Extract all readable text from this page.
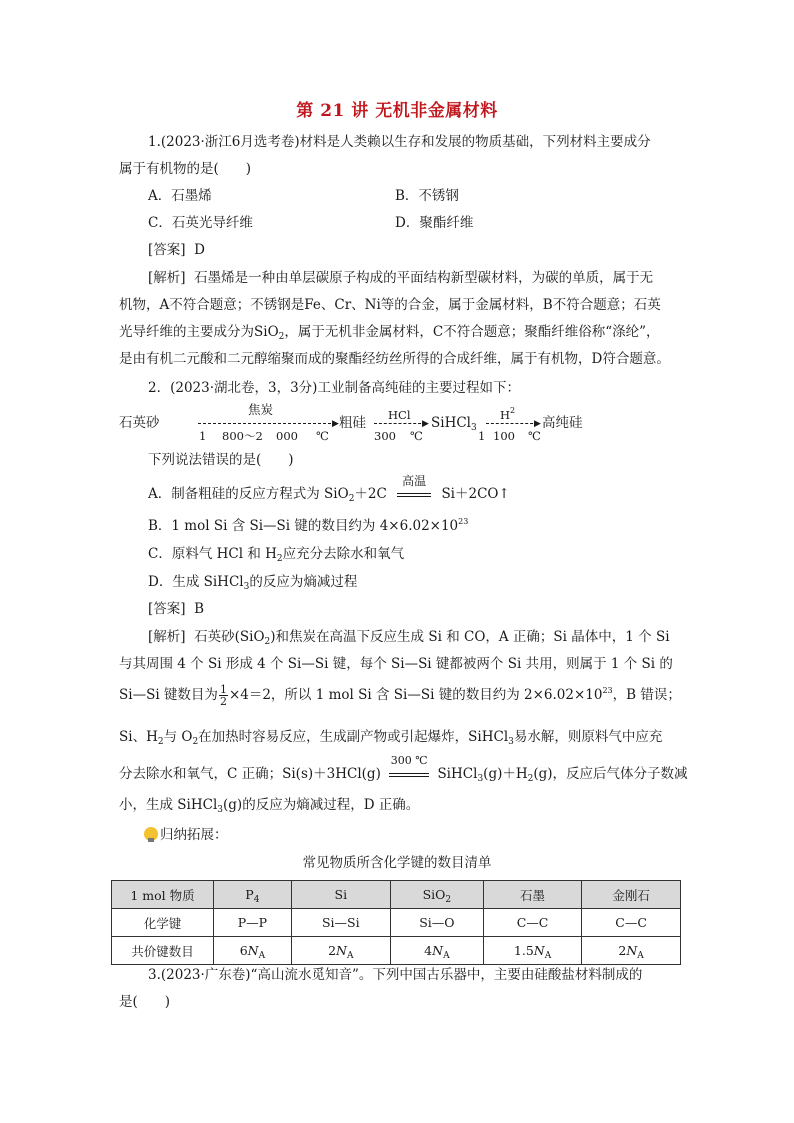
第 21 讲 无机非金属材料
1.(2023·浙江6月选考卷)材料是人类赖以生存和发展的物质基础，下列材料主要成分
属于有机物的是(　　)
A．石墨烯	B．不锈钢
C．石英光导纤维	D．聚酯纤维
[答案] D
[解析] 石墨烯是一种由单层碳原子构成的平面结构新型碳材料，为碳的单质，属于无
机物，A不符合题意；不锈钢是Fe、Cr、Ni等的合金，属于金属材料，B不符合题意；石英
光导纤维的主要成分为SiO$_2$，属于无机非金属材料，C不符合题意；聚酯纤维俗称“涤纶”，
是由有机二元酸和二元醇缩聚而成的聚酯经纺丝所得的合成纤维，属于有机物，D符合题意。
2．(2023·湖北卷，3，3分)工业制备高纯硅的主要过程如下：
石英砂
焦炭
▶
1 800～2 000 ℃
粗硅 HCl
▶
300 ℃
SiHCl$_3$
$H^2$
▶
1 100 ℃
高纯硅
下列说法错误的是(　　)
A．制备粗硅的反应方程式为 SiO$_2$＋2C
高温
Si＋2CO↑
B．1 mol Si 含 Si—Si 键的数目约为 $4\times 6.02\times 10^{23}$
C．原料气 HCl 和 $H_2$应充分去除水和氧气
D．生成 SiHCl$_3$的反应为熵减过程
[答案] B
[解析] 石英砂(SiO$_2$)和焦炭在高温下反应生成 Si 和 CO，A 正确；Si 晶体中，1 个 Si
与其周围 4 个 Si 形成 4 个 Si—Si 键，每个 Si—Si 键都被两个 Si 共用，则属于 1 个 Si 的
Si—Si 键数目为 $\frac{1}{2} \times 4=2$，所以 1 mol Si 含 Si—Si 键的数目约为 $2\times 6.02\times 10^{23}$，B 错误；
Si、$H_2$与 $O_2$在加热时容易反应，生成副产物或引起爆炸，SiHCl$_3$易水解，则原料气中应充
分去除水和氧气，C 正确；Si(s)＋3HCl(g)
300 ℃
$SiHCl_3(g)+H_2(g)$，反应后气体分子数减
小，生成 SiHCl$_3$(g)的反应为熵减过程，D 正确。
归纳拓展：
常见物质所含化学键的数目清单
1 mol 物质	$P_4$	Si	SiO$_2$	石墨	金刚石
化学键	P—P	Si—Si	Si—O	C—C	C—C
共价键数目	$6N_A$	$2N_A$	$4N_A$	$1.5N_A$	$2N_A$
3.(2023·广东卷)“高山流水觅知音”。下列中国古乐器中，主要由硅酸盐材料制成的
是(　　)
